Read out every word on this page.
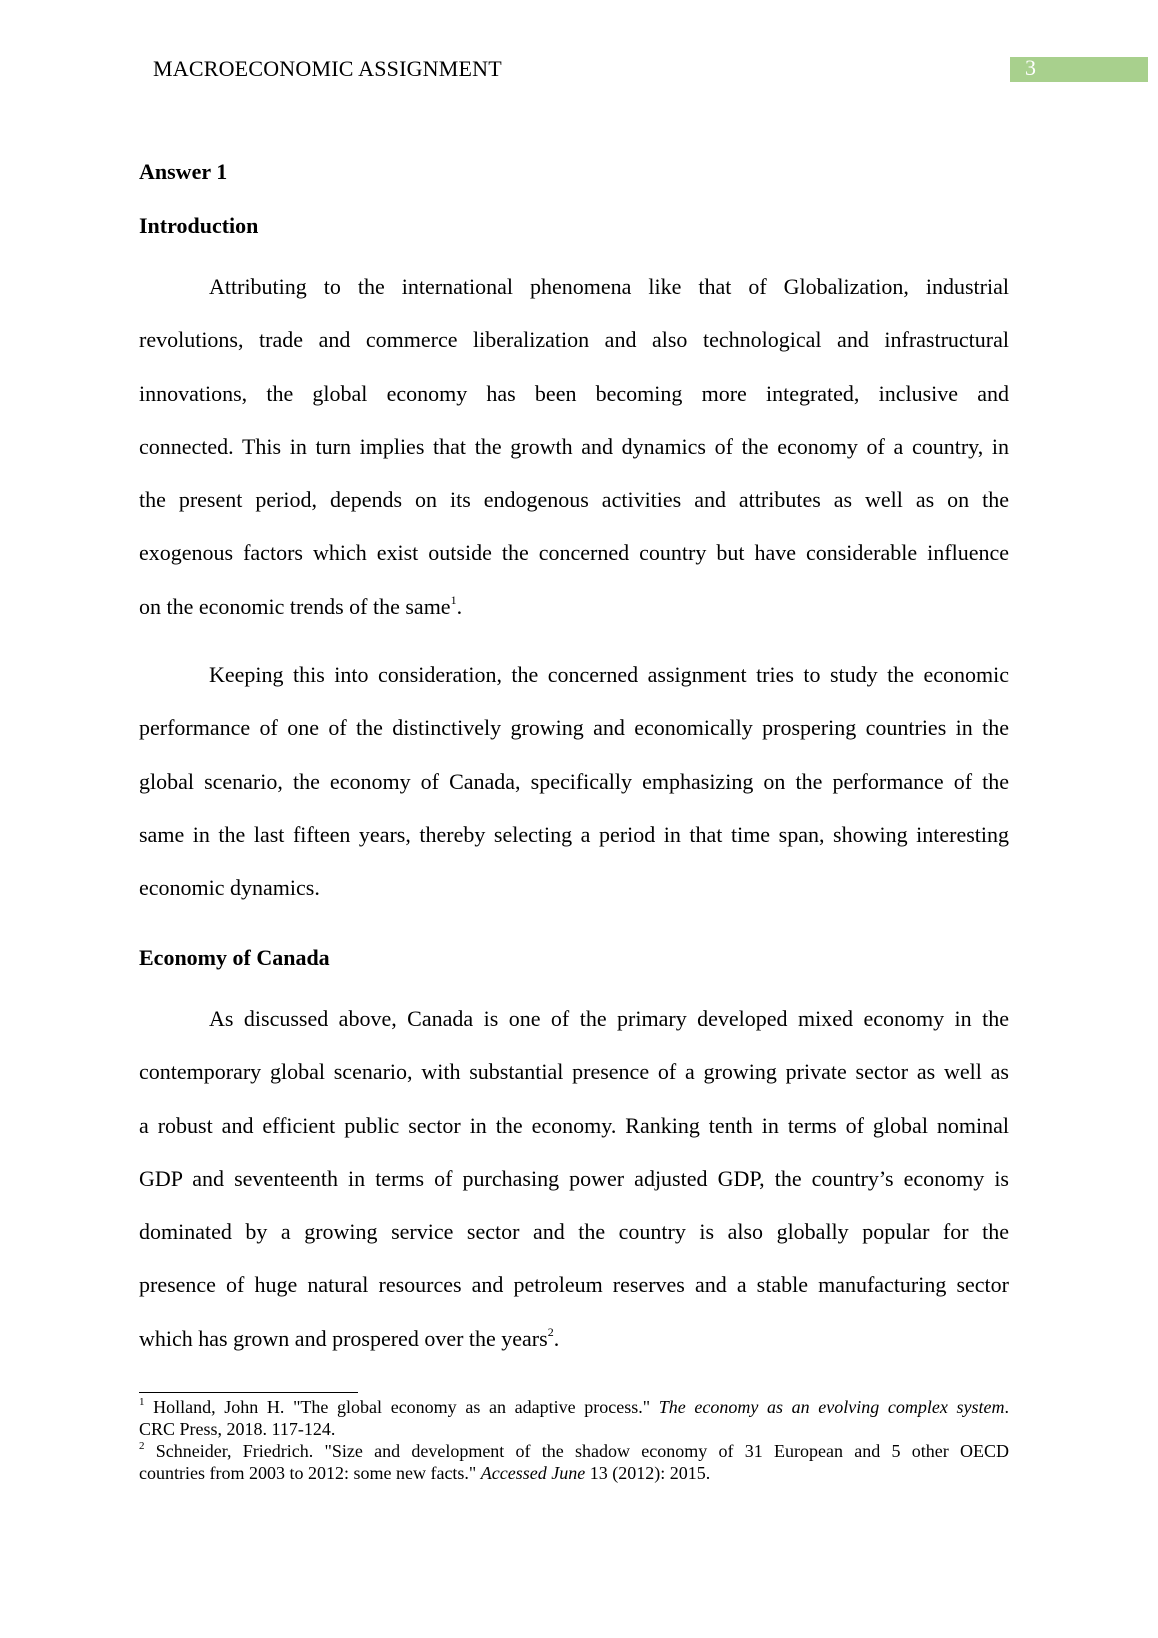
MACROECONOMIC ASSIGNMENT	3
Answer 1
Introduction
Attributing to the international phenomena like that of Globalization, industrial
revolutions, trade and commerce liberalization and also technological and infrastructural
innovations, the global economy has been becoming more integrated, inclusive and
connected. This in turn implies that the growth and dynamics of the economy of a country, in
the present period, depends on its endogenous activities and attributes as well as on the
exogenous factors which exist outside the concerned country but have considerable influence
on the economic trends of the same$^1$.
Keeping this into consideration, the concerned assignment tries to study the economic
performance of one of the distinctively growing and economically prospering countries in the
global scenario, the economy of Canada, specifically emphasizing on the performance of the
same in the last fifteen years, thereby selecting a period in that time span, showing interesting
economic dynamics.
Economy of Canada
As discussed above, Canada is one of the primary developed mixed economy in the
contemporary global scenario, with substantial presence of a growing private sector as well as
a robust and efficient public sector in the economy. Ranking tenth in terms of global nominal
GDP and seventeenth in terms of purchasing power adjusted GDP, the country’s economy is
dominated by a growing service sector and the country is also globally popular for the
presence of huge natural resources and petroleum reserves and a stable manufacturing sector
which has grown and prospered over the years$^2$.
$^1$ Holland, John H. "The global economy as an adaptive process." The economy as an evolving complex system.
CRC Press, 2018. 117-124.
$^2$ Schneider, Friedrich. "Size and development of the shadow economy of 31 European and 5 other OECD
countries from 2003 to 2012: some new facts." Accessed June 13 (2012): 2015.
